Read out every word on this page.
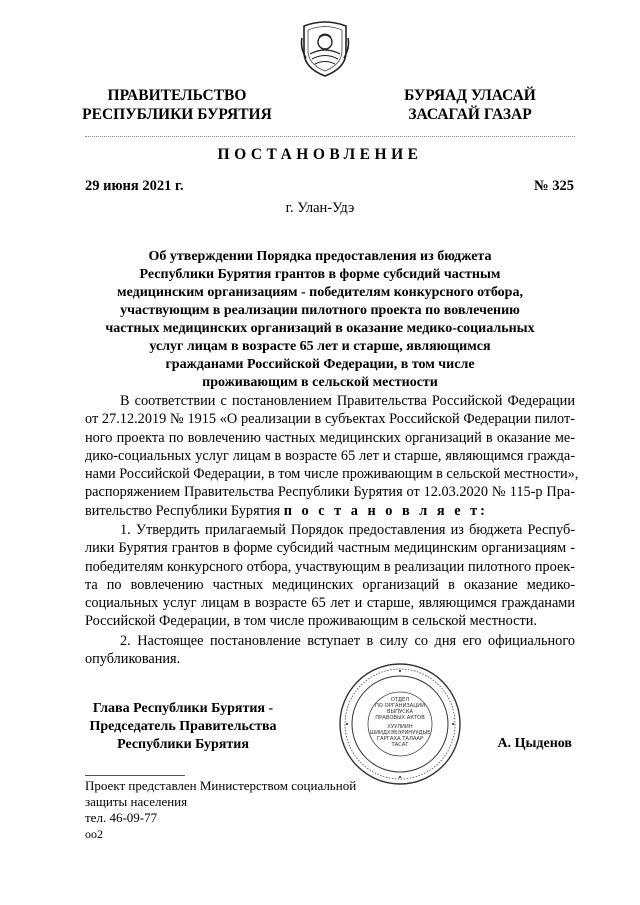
ПРАВИТЕЛЬСТВО
РЕСПУБЛИКИ БУРЯТИЯ
БУРЯАД УЛАСАЙ
ЗАСАГАЙ ГАЗАР
ПОСТАНОВЛЕНИЕ
29 июня 2021 г.	№ 325
г. Улан-Удэ
Об утверждении Порядка предоставления из бюджета
Республики Бурятия грантов в форме субсидий частным
медицинским организациям - победителям конкурсного отбора,
участвующим в реализации пилотного проекта по вовлечению
частных медицинских организаций в оказание медико-социальных
услуг лицам в возрасте 65 лет и старше, являющимся
гражданами Российской Федерации, в том числе
проживающим в сельской местности
В соответствии с постановлением Правительства Российской Федерации
от 27.12.2019 № 1915 «О реализации в субъектах Российской Федерации пилот-
ного проекта по вовлечению частных медицинских организаций в оказание ме-
дико-социальных услуг лицам в возрасте 65 лет и старше, являющимся гражда-
нами Российской Федерации, в том числе проживающим в сельской местности»,
распоряжением Правительства Республики Бурятия от 12.03.2020 № 115-р Пра-
вительство Республики Бурятия п о с т а н о в л я е т:
1. Утвердить прилагаемый Порядок предоставления из бюджета Респуб-
лики Бурятия грантов в форме субсидий частным медицинским организациям -
победителям конкурсного отбора, участвующим в реализации пилотного проек-
та по вовлечению частных медицинских организаций в оказание медико-
социальных услуг лицам в возрасте 65 лет и старше, являющимся гражданами
Российской Федерации, в том числе проживающим в сельской местности.
2. Настоящее постановление вступает в силу со дня его официального
опубликования.
ОТДЕЛ
ПО ОРГАНИЗАЦИИ
ВЫПУСКА
ПРАВОВЫХ АКТОВ
ХУУЛИИН
ШИИДХЭБЭРИНУУДЫЕ
ГАРГАХА ТАЛААР
ТАСАГ
Глава Республики Бурятия -
Председатель Правительства
Республики Бурятия	А. Цыденов
Проект представлен Министерством социальной
защиты населения
тел. 46-09-77
оо2
